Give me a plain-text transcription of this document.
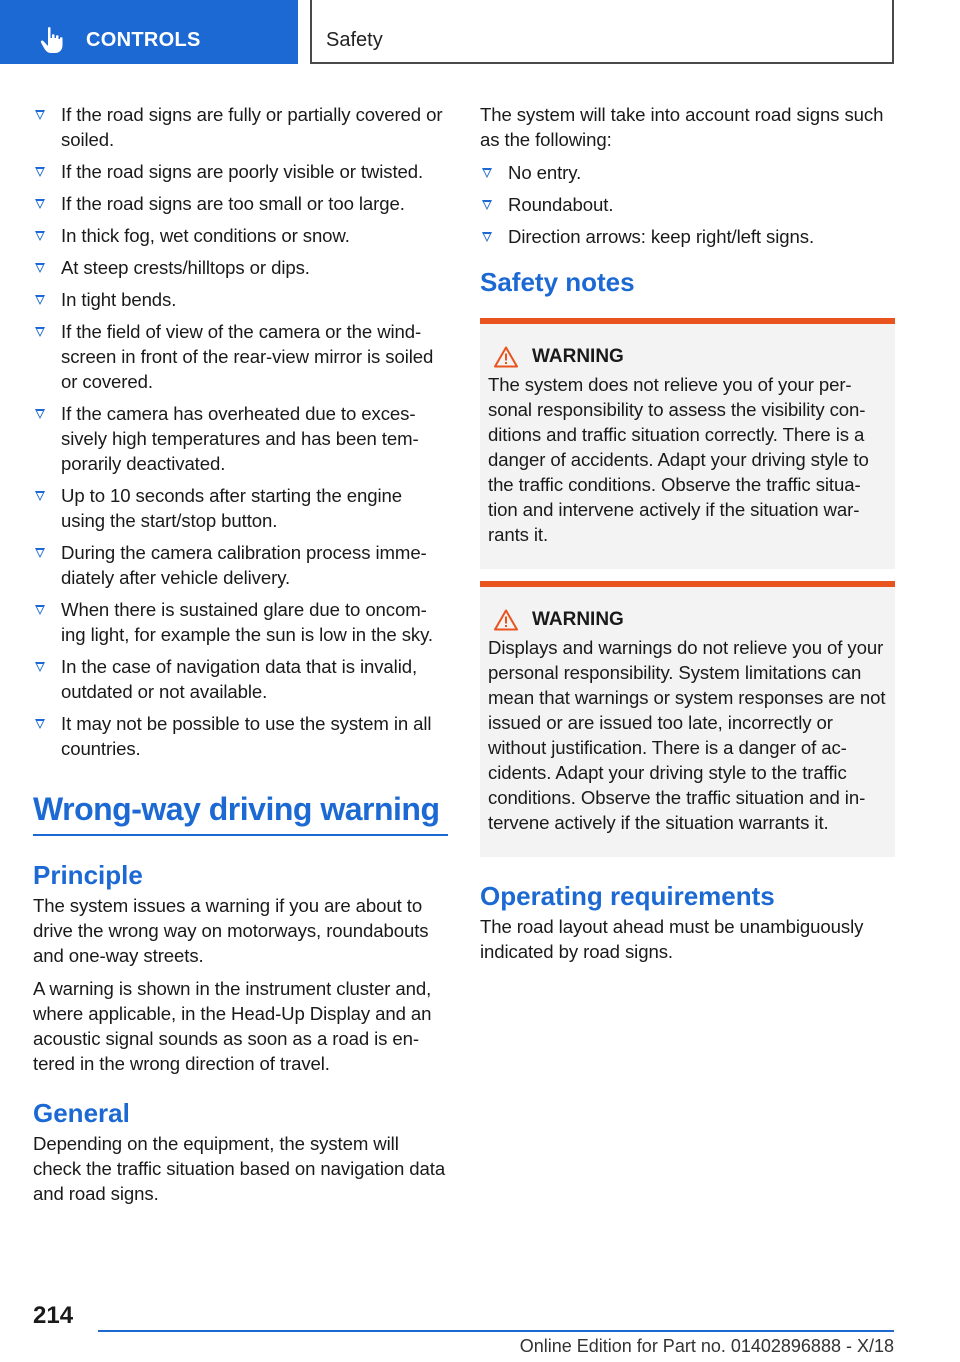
CONTROLS	Safety
If the road signs are fully or partially covered or soiled.
If the road signs are poorly visible or twisted.
If the road signs are too small or too large.
In thick fog, wet conditions or snow.
At steep crests/hilltops or dips.
In tight bends.
If the field of view of the camera or the wind‐screen in front of the rear-view mirror is soiled or covered.
If the camera has overheated due to exces‐sively high temperatures and has been tem‐porarily deactivated.
Up to 10 seconds after starting the engine using the start/stop button.
During the camera calibration process imme‐diately after vehicle delivery.
When there is sustained glare due to oncom‐ing light, for example the sun is low in the sky.
In the case of navigation data that is invalid, outdated or not available.
It may not be possible to use the system in all countries.
Wrong-way driving warning
Principle

The system issues a warning if you are about to drive the wrong way on motorways, roundabouts and one-way streets.

A warning is shown in the instrument cluster and, where applicable, in the Head-Up Display and an acoustic signal sounds as soon as a road is en‐tered in the wrong direction of travel.

General

Depending on the equipment, the system will check the traffic situation based on navigation data and road signs.

The system will take into account road signs such as the following:

No entry.
Roundabout.
Direction arrows: keep right/left signs.
Safety notes
WARNING

The system does not relieve you of your per‐sonal responsibility to assess the visibility con‐ditions and traffic situation correctly. There is a danger of accidents. Adapt your driving style to the traffic conditions. Observe the traffic situa‐tion and intervene actively if the situation war‐rants it.

WARNING

Displays and warnings do not relieve you of your personal responsibility. System limitations can mean that warnings or system responses are not issued or are issued too late, incorrectly or without justification. There is a danger of ac‐cidents. Adapt your driving style to the traffic conditions. Observe the traffic situation and in‐tervene actively if the situation warrants it.

Operating requirements

The road layout ahead must be unambiguously indicated by road signs.

214
Online Edition for Part no. 01402896888 - X/18
